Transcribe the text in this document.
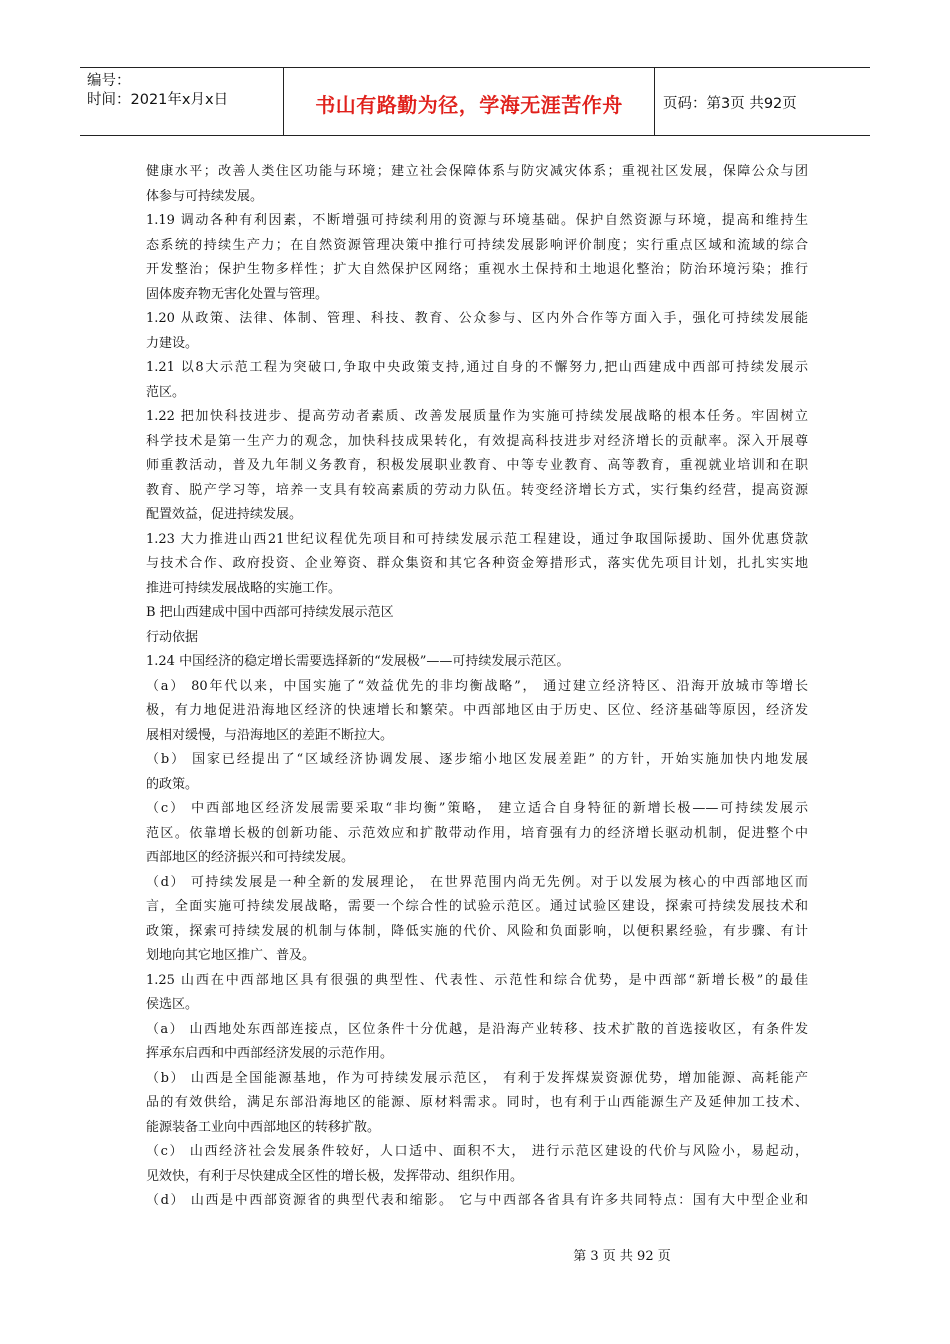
编号：
时间：2021年x月x日	书山有路勤为径，学海无涯苦作舟	页码：第3页 共92页
健康水平；改善人类住区功能与环境；建立社会保障体系与防灾减灾体系；重视社区发展，保障公众与团
体参与可持续发展。
1.19 调动各种有利因素，不断增强可持续利用的资源与环境基础。保护自然资源与环境，提高和维持生
态系统的持续生产力；在自然资源管理决策中推行可持续发展影响评价制度；实行重点区域和流域的综合
开发整治；保护生物多样性；扩大自然保护区网络；重视水土保持和土地退化整治；防治环境污染；推行
固体废弃物无害化处置与管理。
1.20 从政策、法律、体制、管理、科技、教育、公众参与、区内外合作等方面入手，强化可持续发展能
力建设。
1.21 以8大示范工程为突破口,争取中央政策支持,通过自身的不懈努力,把山西建成中西部可持续发展示
范区。
1.22 把加快科技进步、提高劳动者素质、改善发展质量作为实施可持续发展战略的根本任务。牢固树立
科学技术是第一生产力的观念，加快科技成果转化，有效提高科技进步对经济增长的贡献率。深入开展尊
师重教活动，普及九年制义务教育，积极发展职业教育、中等专业教育、高等教育，重视就业培训和在职
教育、脱产学习等，培养一支具有较高素质的劳动力队伍。转变经济增长方式，实行集约经营，提高资源
配置效益，促进持续发展。
1.23 大力推进山西21世纪议程优先项目和可持续发展示范工程建设，通过争取国际援助、国外优惠贷款
与技术合作、政府投资、企业筹资、群众集资和其它各种资金筹措形式，落实优先项目计划，扎扎实实地
推进可持续发展战略的实施工作。
B 把山西建成中国中西部可持续发展示范区
行动依据
1.24 中国经济的稳定增长需要选择新的“发展极”——可持续发展示范区。
（a） 80年代以来，中国实施了“效益优先的非均衡战略”， 通过建立经济特区、沿海开放城市等增长
极，有力地促进沿海地区经济的快速增长和繁荣。中西部地区由于历史、区位、经济基础等原因，经济发
展相对缓慢，与沿海地区的差距不断拉大。
（b） 国家已经提出了“区域经济协调发展、逐步缩小地区发展差距” 的方针，开始实施加快内地发展
的政策。
（c） 中西部地区经济发展需要采取“非均衡”策略， 建立适合自身特征的新增长极——可持续发展示
范区。依靠增长极的创新功能、示范效应和扩散带动作用，培育强有力的经济增长驱动机制，促进整个中
西部地区的经济振兴和可持续发展。
（d） 可持续发展是一种全新的发展理论， 在世界范围内尚无先例。对于以发展为核心的中西部地区而
言，全面实施可持续发展战略，需要一个综合性的试验示范区。通过试验区建设，探索可持续发展技术和
政策，探索可持续发展的机制与体制，降低实施的代价、风险和负面影响，以便积累经验，有步骤、有计
划地向其它地区推广、普及。
1.25 山西在中西部地区具有很强的典型性、代表性、示范性和综合优势，是中西部“新增长极”的最佳
侯选区。
（a） 山西地处东西部连接点，区位条件十分优越，是沿海产业转移、技术扩散的首选接收区，有条件发
挥承东启西和中西部经济发展的示范作用。
（b） 山西是全国能源基地，作为可持续发展示范区， 有利于发挥煤炭资源优势，增加能源、高耗能产
品的有效供给，满足东部沿海地区的能源、原材料需求。同时，也有利于山西能源生产及延伸加工技术、
能源装备工业向中西部地区的转移扩散。
（c） 山西经济社会发展条件较好，人口适中、面积不大， 进行示范区建设的代价与风险小，易起动，
见效快，有利于尽快建成全区性的增长极，发挥带动、组织作用。
（d） 山西是中西部资源省的典型代表和缩影。 它与中西部各省具有许多共同特点：国有大中型企业和
第 3 页 共 92 页
